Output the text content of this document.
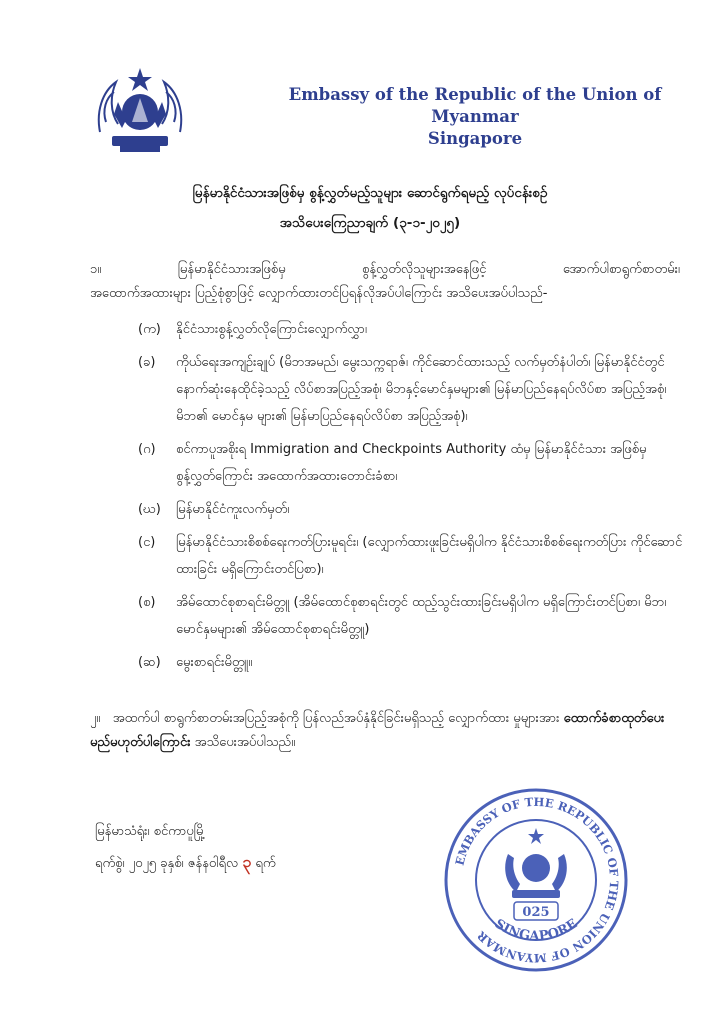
Embassy of the Republic of the Union of Myanmar
Singapore
မြန်မာနိုင်ငံသားအဖြစ်မှ စွန့်လွှတ်မည့်သူများ ဆောင်ရွက်ရမည့် လုပ်ငန်းစဉ်
အသိပေးကြေညာချက် (၃-၁-၂၀၂၅)
၁။	မြန်မာနိုင်ငံသားအဖြစ်မှ	စွန့်လွှတ်လိုသူများအနေဖြင့်	အောက်ပါစာရွက်စာတမ်း၊
အထောက်အထားများ ပြည့်စုံစွာဖြင့် လျှောက်ထားတင်ပြရန်လိုအပ်ပါကြောင်း အသိပေးအပ်ပါသည်-
(က)	နိုင်ငံသားစွန့်လွှတ်လိုကြောင်းလျှောက်လွှာ၊
(ခ)	ကိုယ်ရေးအကျဉ်းချုပ် (မိဘအမည်၊ မွေးသက္ကရာဇ်၊ ကိုင်ဆောင်ထားသည့် လက်မှတ်နံပါတ်၊ မြန်မာနိုင်ငံတွင် နောက်ဆုံးနေထိုင်ခဲ့သည့် လိပ်စာအပြည့်အစုံ၊ မိဘနှင့်မောင်နှမများ၏ မြန်မာပြည်နေရပ်လိပ်စာ အပြည့်အစုံ၊ မိဘ၏ မောင်နှမ များ၏ မြန်မာပြည်နေရပ်လိပ်စာ အပြည့်အစုံ)၊
(ဂ)	စင်ကာပူအစိုးရ Immigration and Checkpoints Authority ထံမှ မြန်မာနိုင်ငံသား အဖြစ်မှ စွန့်လွှတ်ကြောင်း အထောက်အထားတောင်းခံစာ၊
(ဃ)	မြန်မာနိုင်ငံကူးလက်မှတ်၊
(င)	မြန်မာနိုင်ငံသားစိစစ်ရေးကတ်ပြားမူရင်း၊ (လျှောက်ထားဖူးခြင်းမရှိပါက နိုင်ငံသားစိစစ်ရေးကတ်ပြား ကိုင်ဆောင်ထားခြင်း မရှိကြောင်းတင်ပြစာ)၊
(စ)	အိမ်ထောင်စုစာရင်းမိတ္တူ (အိမ်ထောင်စုစာရင်းတွင် ထည့်သွင်းထားခြင်းမရှိပါက မရှိကြောင်းတင်ပြစာ၊ မိဘ၊ မောင်နှမများ၏ အိမ်ထောင်စုစာရင်းမိတ္တူ)
(ဆ)	မွေးစာရင်းမိတ္တူ။
၂။ အထက်ပါ စာရွက်စာတမ်းအပြည့်အစုံကို ပြန်လည်အပ်နှံနိုင်ခြင်းမရှိသည့် လျှောက်ထား မှုများအား ထောက်ခံစာထုတ်ပေးမည်မဟုတ်ပါကြောင်း အသိပေးအပ်ပါသည်။
မြန်မာသံရုံး၊ စင်ကာပူမြို့
ရက်စွဲ၊ ၂၀၂၅ ခုနှစ်၊ ဇန်နဝါရီလ ၃ ရက်	EMBASSY OF THE REPUBLIC OF THE UNION OF MYANMAR
SINGAPORE
025
